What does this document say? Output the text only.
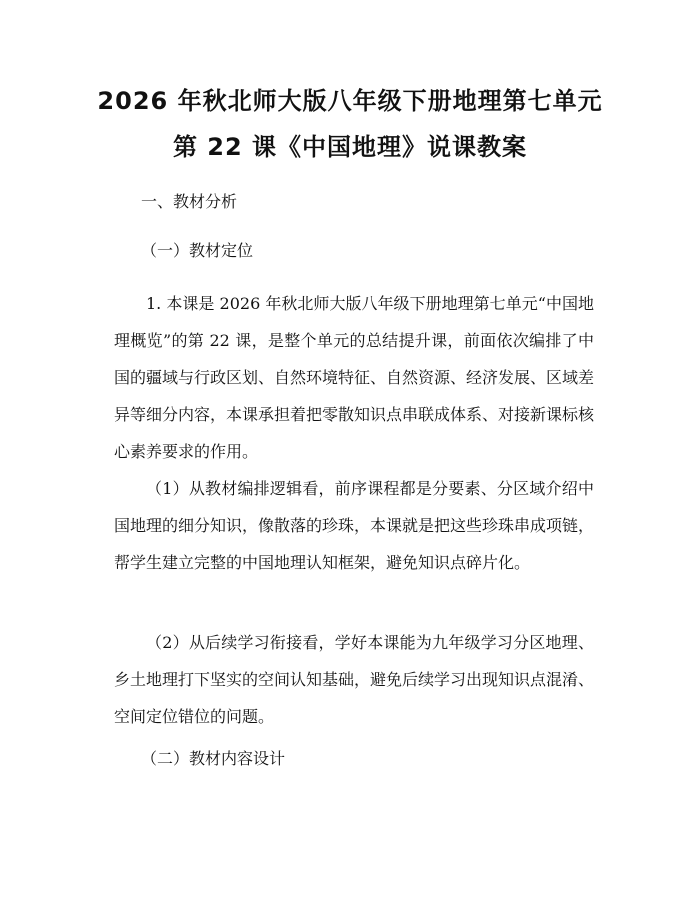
2026 年秋北师大版八年级下册地理第七单元
第 22 课《中国地理》说课教案
一、教材分析
（一）教材定位

1. 本课是 2026 年秋北师大版八年级下册地理第七单元“中国地理概览”的第 22 课，是整个单元的总结提升课，前面依次编排了中国的疆域与行政区划、自然环境特征、自然资源、经济发展、区域差异等细分内容，本课承担着把零散知识点串联成体系、对接新课标核心素养要求的作用。

（1）从教材编排逻辑看，前序课程都是分要素、分区域介绍中国地理的细分知识，像散落的珍珠，本课就是把这些珍珠串成项链，帮学生建立完整的中国地理认知框架，避免知识点碎片化。

（2）从后续学习衔接看，学好本课能为九年级学习分区地理、乡土地理打下坚实的空间认知基础，避免后续学习出现知识点混淆、空间定位错位的问题。

（二）教材内容设计
